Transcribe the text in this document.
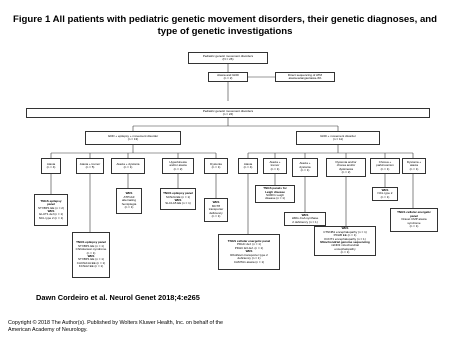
Figure 1 All patients with pediatric genetic movement disorders, their genetic diagnoses, and
type of genetic investigations
Pediatric genetic movement disorders
(N = 26)
Ataxia and GDD
(n = 2)
Direct sequencing of ATM
ataxia-telangiectasia-4%
Pediatric genetic movement disorders
(n = 24)
GDD + epilepsy + movement disorder
(n = 13)
GDD + movement disorder
(n = 11)
Ataxia
(n = 4)
Ataxia + tremor
(n = 5)
Ataxia + dystonia
(n = 1)
Hyperkinesia
and/or ataxia
(n = 2)
Dystonia
(n = 1)
Ataxia
(n = 4)
Ataxia +
tremor
(n = 1)
Ataxia +
dystonia
(n = 1)
Dystonia and/or
chorea and/or
dyskinesia
(n = 2)
Chorea +
parkinsonism
(n = 1)
Dystonia +
ataxia
(n = 1)
TNGS epilepsy
panel
STXBP1 EE (n = 2)
WES
GLUT1 def (n = 1)
NCL type 2 (n = 1)
TNGS epilepsy panel
STXBP1 EE (n = 1)
Christianson syndrome
(n = 1)
WES
STXBP1 EE (n = 1)
CACNA1A EE (n = 1)
KCNA2 EE (n = 1)
WES
ATP1A3
alternating
hemiplegia
(n = 1)
TNGS epilepsy panel
SCN2A EE (n = 1)
WES
SLC1A5 EE (n = 1)	WES
MCT8
transporter
deficiency
(n = 1)
TNGS panels for
Leigh disease
SURF1 Leigh
disease (n = 1)
WES
HMG-CoA synthase
2 deficiency (n = 1)
WES
CTNNB1 encephalopathy (n = 1)
PDHB EE (n = 1)
KCNT1 encephalopathy (n = 1)
Mitochondrial genome sequencing
mtND3 mitochondrial
encephalopathy
(n = 1)
WES
NCL type 2
(n = 1)
TNGS cellular energetic panel
PDHC def. (n = 1)
PDHC E3 def. (n = 1)
WES
Riboflavin transporter type 2
deficiency (n = 1)
CAMTA1 ataxia (n = 1)
TNGS cellular energetic
panel
Dravet CMP ataxia
syndrome
(n = 1)
Dawn Cordeiro et al. Neurol Genet 2018;4:e265
Copyright © 2018 The Author(s). Published by Wolters Kluwer Health, Inc. on behalf of the
American Academy of Neurology.
